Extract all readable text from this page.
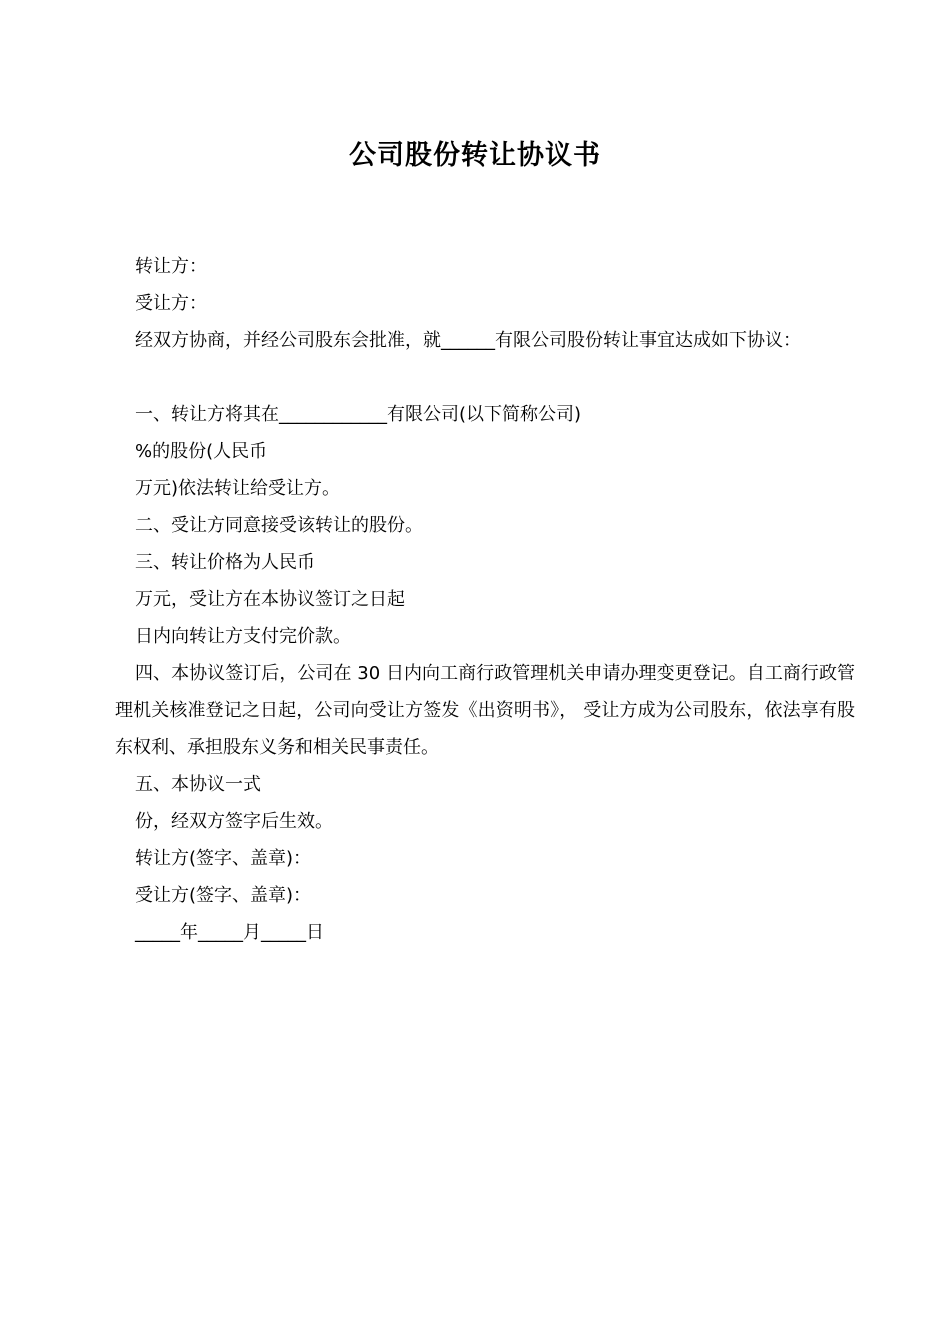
公司股份转让协议书

转让方：

受让方：

经双方协商，并经公司股东会批准，就______有限公司股份转让事宜达成如下协议：

一、转让方将其在____________有限公司(以下简称公司)

%的股份(人民币

万元)依法转让给受让方。

二、受让方同意接受该转让的股份。

三、转让价格为人民币

万元，受让方在本协议签订之日起

日内向转让方支付完价款。

四、本协议签订后，公司在 30 日内向工商行政管理机关申请办理变更登记。自工商行政管理机关核准登记之日起，公司向受让方签发《出资明书》， 受让方成为公司股东，依法享有股东权利、承担股东义务和相关民事责任。

五、本协议一式

份，经双方签字后生效。

转让方(签字、盖章)：

受让方(签字、盖章)：

_____年_____月_____日
